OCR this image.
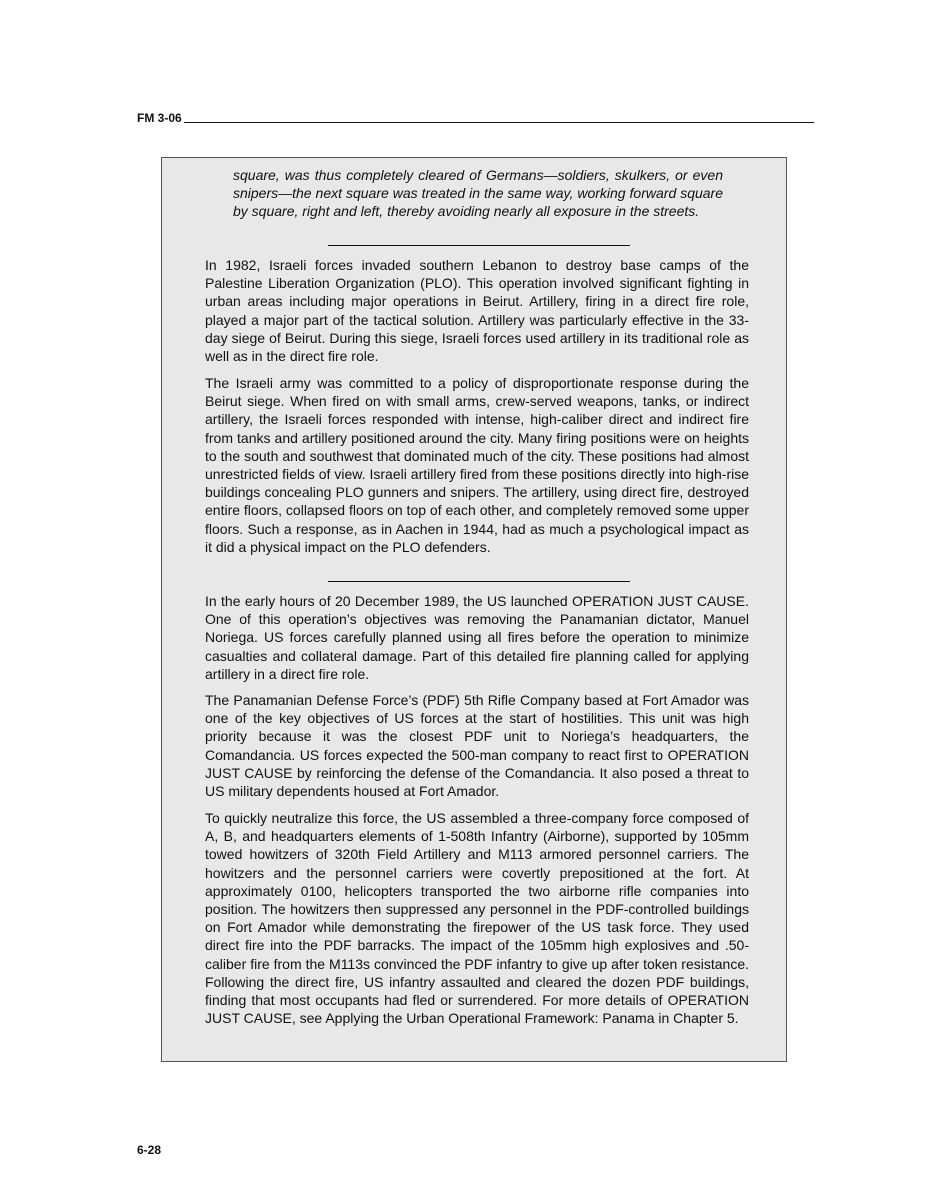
FM 3-06

square, was thus completely cleared of Germans—soldiers, skulkers, or even snipers—the next square was treated in the same way, working forward square by square, right and left, thereby avoiding nearly all exposure in the streets.

In 1982, Israeli forces invaded southern Lebanon to destroy base camps of the Palestine Liberation Organization (PLO). This operation involved significant fighting in urban areas including major operations in Beirut. Artillery, firing in a direct fire role, played a major part of the tactical solution. Artillery was particularly effective in the 33-day siege of Beirut. During this siege, Israeli forces used artillery in its traditional role as well as in the direct fire role.

The Israeli army was committed to a policy of disproportionate response during the Beirut siege. When fired on with small arms, crew-served weapons, tanks, or indirect artillery, the Israeli forces responded with intense, high-caliber direct and indirect fire from tanks and artillery positioned around the city. Many firing positions were on heights to the south and southwest that dominated much of the city. These positions had almost unrestricted fields of view. Israeli artillery fired from these positions directly into high-rise buildings concealing PLO gunners and snipers. The artillery, using direct fire, destroyed entire floors, collapsed floors on top of each other, and completely removed some upper floors. Such a response, as in Aachen in 1944, had as much a psychological impact as it did a physical impact on the PLO defenders.

In the early hours of 20 December 1989, the US launched OPERATION JUST CAUSE. One of this operation’s objectives was removing the Panamanian dictator, Manuel Noriega. US forces carefully planned using all fires before the operation to minimize casualties and collateral damage. Part of this detailed fire planning called for applying artillery in a direct fire role.

The Panamanian Defense Force’s (PDF) 5th Rifle Company based at Fort Amador was one of the key objectives of US forces at the start of hostilities. This unit was high priority because it was the closest PDF unit to Noriega’s headquarters, the Comandancia. US forces expected the 500-man company to react first to OPERATION JUST CAUSE by reinforcing the defense of the Comandancia. It also posed a threat to US military dependents housed at Fort Amador.

To quickly neutralize this force, the US assembled a three-company force composed of A, B, and headquarters elements of 1-508th Infantry (Airborne), supported by 105mm towed howitzers of 320th Field Artillery and M113 armored personnel carriers. The howitzers and the personnel carriers were covertly prepositioned at the fort. At approximately 0100, helicopters transported the two airborne rifle companies into position. The howitzers then suppressed any personnel in the PDF-controlled buildings on Fort Amador while demonstrating the firepower of the US task force. They used direct fire into the PDF barracks. The impact of the 105mm high explosives and .50-caliber fire from the M113s convinced the PDF infantry to give up after token resistance. Following the direct fire, US infantry assaulted and cleared the dozen PDF buildings, finding that most occupants had fled or surrendered. For more details of OPERATION JUST CAUSE, see Applying the Urban Operational Framework: Panama in Chapter 5.

6-28
